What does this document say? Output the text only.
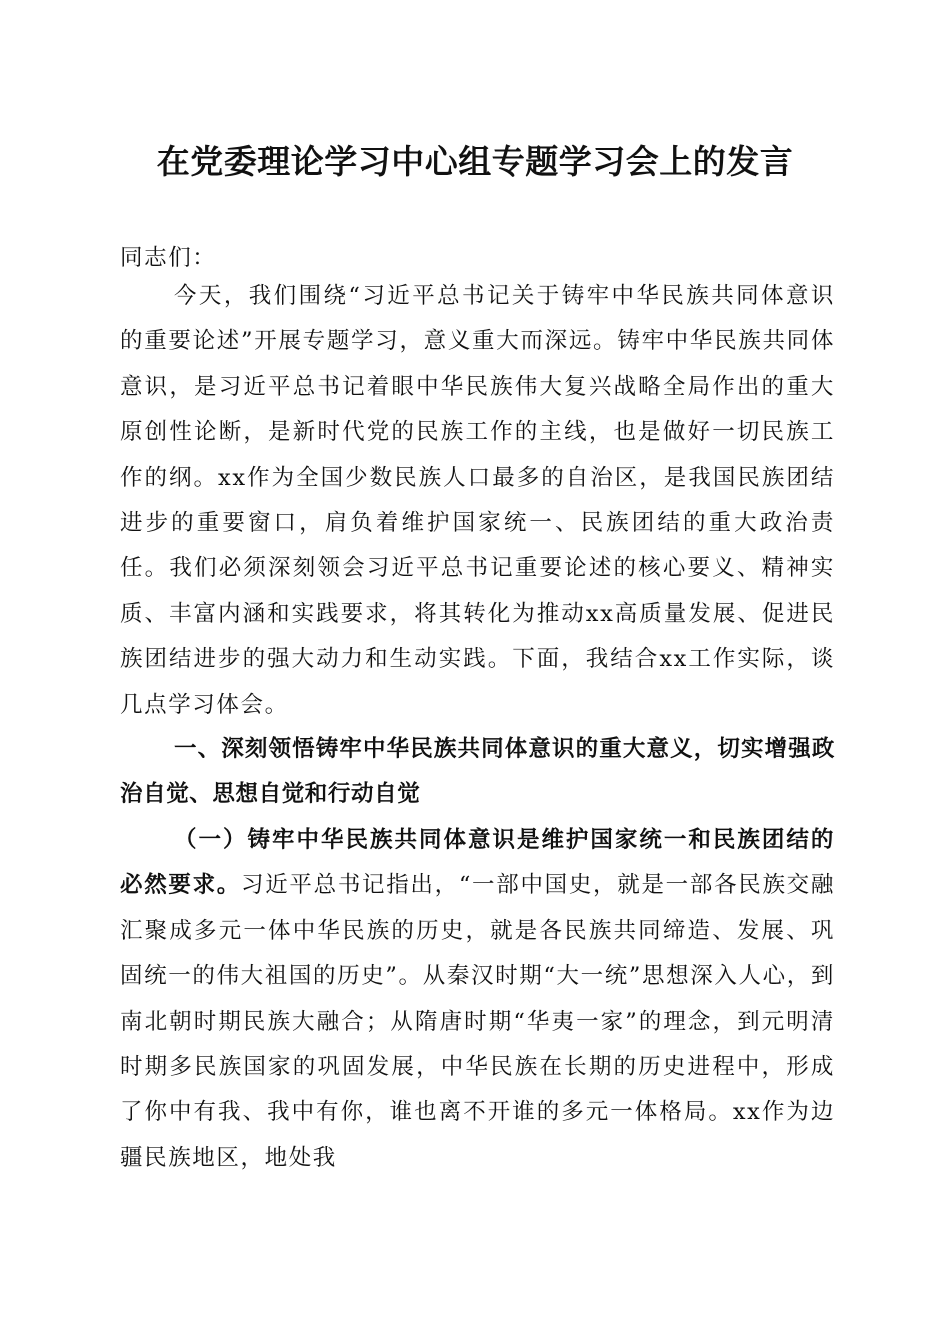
在党委理论学习中心组专题学习会上的发言

同志们：

今天，我们围绕“习近平总书记关于铸牢中华民族共同体意识的重要论述”开展专题学习，意义重大而深远。铸牢中华民族共同体意识，是习近平总书记着眼中华民族伟大复兴战略全局作出的重大原创性论断，是新时代党的民族工作的主线，也是做好一切民族工作的纲。xx作为全国少数民族人口最多的自治区，是我国民族团结进步的重要窗口，肩负着维护国家统一、民族团结的重大政治责任。我们必须深刻领会习近平总书记重要论述的核心要义、精神实质、丰富内涵和实践要求，将其转化为推动xx高质量发展、促进民族团结进步的强大动力和生动实践。下面，我结合xx工作实际，谈几点学习体会。

一、深刻领悟铸牢中华民族共同体意识的重大意义，切实增强政治自觉、思想自觉和行动自觉

（一）铸牢中华民族共同体意识是维护国家统一和民族团结的必然要求。习近平总书记指出，“一部中国史，就是一部各民族交融汇聚成多元一体中华民族的历史，就是各民族共同缔造、发展、巩固统一的伟大祖国的历史”。从秦汉时期“大一统”思想深入人心，到南北朝时期民族大融合；从隋唐时期“华夷一家”的理念，到元明清时期多民族国家的巩固发展，中华民族在长期的历史进程中，形成了你中有我、我中有你，谁也离不开谁的多元一体格局。xx作为边疆民族地区，地处我
